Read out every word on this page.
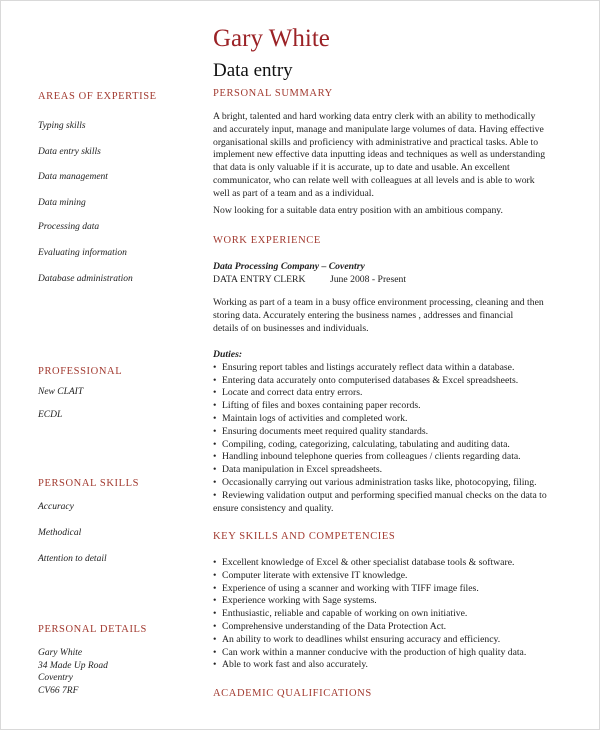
Gary White
Data entry
AREAS OF EXPERTISE
Typing skills
Data entry skills
Data management
Data mining
Processing data
Evaluating information
Database administration
PROFESSIONAL
New CLAIT
ECDL
PERSONAL SKILLS
Accuracy
Methodical
Attention to detail
PERSONAL DETAILS
Gary White
34 Made Up Road
Coventry
CV66 7RF
PERSONAL SUMMARY

A bright, talented and hard working data entry clerk with an ability to methodically

and accurately input, manage and manipulate large volumes of data. Having effective

organisational skills and proficiency with administrative and practical tasks. Able to

implement new effective data inputting ideas and techniques as well as understanding

that data is only valuable if it is accurate, up to date and usable. An excellent

communicator, who can relate well with colleagues at all levels and is able to work

well as part of a team and as a individual.

Now looking for a suitable data entry position with an ambitious company.

WORK EXPERIENCE

Data Processing Company – Coventry

DATA ENTRY CLERK	June 2008 - Present

Working as part of a team in a busy office environment processing, cleaning and then

storing data. Accurately entering the business names , addresses and financial

details of on businesses and individuals.

Duties:

• Ensuring report tables and listings accurately reflect data within a database.
• Entering data accurately onto computerised databases & Excel spreadsheets.
• Locate and correct data entry errors.
• Lifting of files and boxes containing paper records.
• Maintain logs of activities and completed work.
• Ensuring documents meet required quality standards.
• Compiling, coding, categorizing, calculating, tabulating and auditing data.
• Handling inbound telephone queries from colleagues / clients regarding data.
• Data manipulation in Excel spreadsheets.
• Occasionally carrying out various administration tasks like, photocopying, filing.
• Reviewing validation output and performing specified manual checks on the data to

ensure consistency and quality.

KEY SKILLS AND COMPETENCIES
• Excellent knowledge of Excel & other specialist database tools & software.
• Computer literate with extensive IT knowledge.
• Experience of using a scanner and working with TIFF image files.
• Experience working with Sage systems.
• Enthusiastic, reliable and capable of working on own initiative.
• Comprehensive understanding of the Data Protection Act.
• An ability to work to deadlines whilst ensuring accuracy and efficiency.
• Can work within a manner conducive with the production of high quality data.
• Able to work fast and also accurately.
ACADEMIC QUALIFICATIONS
